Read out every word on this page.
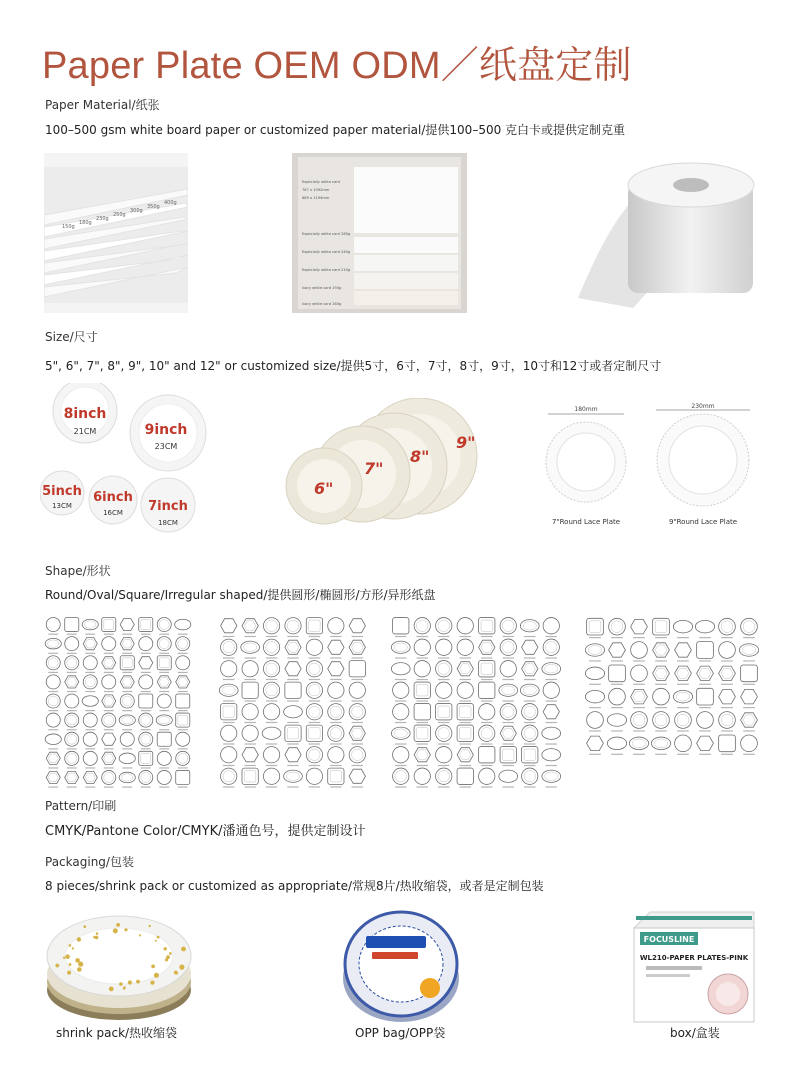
Paper Plate OEM ODM／纸盘定制
Paper Material/纸张
100–500 gsm white board paper or customized paper material/提供100–500 克白卡或提供定制克重
150g
180g
230g
250g
300g
350g
400g
Especially white card
787 x 1092mm
889 x 1194mm
Especially white card 280g
Especially white card 240g
Especially white card 210g
Ivory white card 190g
Ivory white card 160g
Size/尺寸
5", 6", 7", 8", 9", 10" and 12" or customized size/提供5寸，6寸，7寸，8寸，9寸，10寸和12寸或者定制尺寸
8inch
21CM	9inch
23CM
5inch
13CM
6inch
16CM 7inch
18CM
9"
8"
7"
6"
180mm
7"Round Lace Plate
230mm
9"Round Lace Plate
Shape/形状
Round/Oval/Square/Irregular shaped/提供圆形/椭圆形/方形/异形纸盘
Pattern/印刷
CMYK/Pantone Color/CMYK/潘通色号，提供定制设计
Packaging/包装
8 pieces/shrink pack or customized as appropriate/常规8片/热收缩袋，或者是定制包装
FOCUSLINE
WL210-PAPER PLATES-PINK
shrink pack/热收缩袋	OPP bag/OPP袋	box/盒装
